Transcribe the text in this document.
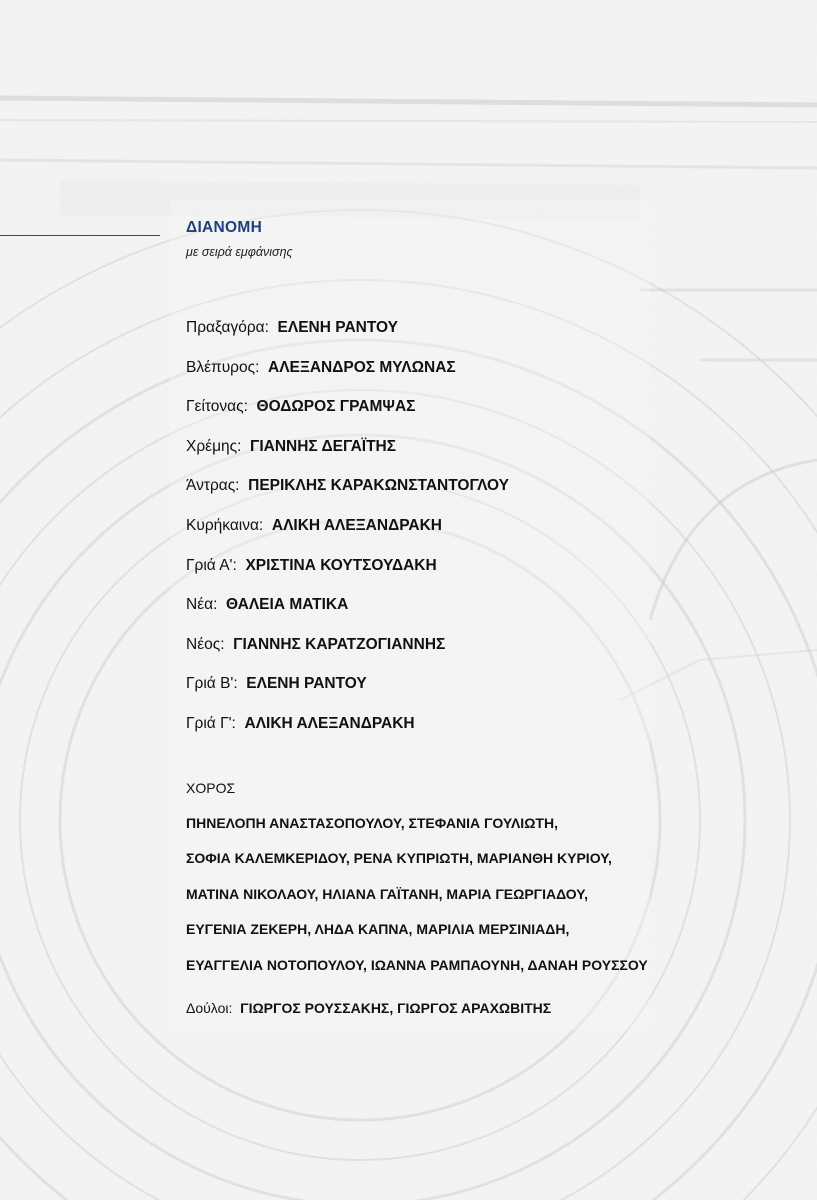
ΔΙΑΝΟΜΗ
με σειρά εμφάνισης
Πραξαγόρα: ΕΛΕΝΗ ΡΑΝΤΟΥ
Βλέπυρος: ΑΛΕΞΑΝΔΡΟΣ ΜΥΛΩΝΑΣ
Γείτονας: ΘΟΔΩΡΟΣ ΓΡΑΜΨΑΣ
Χρέμης: ΓΙΑΝΝΗΣ ΔΕΓΑΪΤΗΣ
Άντρας: ΠΕΡΙΚΛΗΣ ΚΑΡΑΚΩΝΣΤΑΝΤΟΓΛΟΥ
Κυρήκαινα: ΑΛΙΚΗ ΑΛΕΞΑΝΔΡΑΚΗ
Γριά Α': ΧΡΙΣΤΙΝΑ ΚΟΥΤΣΟΥΔΑΚΗ
Νέα: ΘΑΛΕΙΑ ΜΑΤΙΚΑ
Νέος: ΓΙΑΝΝΗΣ ΚΑΡΑΤΖΟΓΙΑΝΝΗΣ
Γριά Β': ΕΛΕΝΗ ΡΑΝΤΟΥ
Γριά Γ': ΑΛΙΚΗ ΑΛΕΞΑΝΔΡΑΚΗ
ΧΟΡΟΣ
ΠΗΝΕΛΟΠΗ ΑΝΑΣΤΑΣΟΠΟΥΛΟΥ, ΣΤΕΦΑΝΙΑ ΓΟΥΛΙΩΤΗ,
ΣΟΦΙΑ ΚΑΛΕΜΚΕΡΙΔΟΥ, ΡΕΝΑ ΚΥΠΡΙΩΤΗ, ΜΑΡΙΑΝΘΗ ΚΥΡΙΟΥ,
ΜΑΤΙΝΑ ΝΙΚΟΛΑΟΥ, ΗΛΙΑΝΑ ΓΑΪΤΑΝΗ, ΜΑΡΙΑ ΓΕΩΡΓΙΑΔΟΥ,
ΕΥΓΕΝΙΑ ΖΕΚΕΡΗ, ΛΗΔΑ ΚΑΠΝΑ, ΜΑΡΙΛΙΑ ΜΕΡΣΙΝΙΑΔΗ,
ΕΥΑΓΓΕΛΙΑ ΝΟΤΟΠΟΥΛΟΥ, ΙΩΑΝΝΑ ΡΑΜΠΑΟΥΝΗ, ΔΑΝΑΗ ΡΟΥΣΣΟΥ
Δούλοι: ΓΙΩΡΓΟΣ ΡΟΥΣΣΑΚΗΣ, ΓΙΩΡΓΟΣ ΑΡΑΧΩΒΙΤΗΣ
